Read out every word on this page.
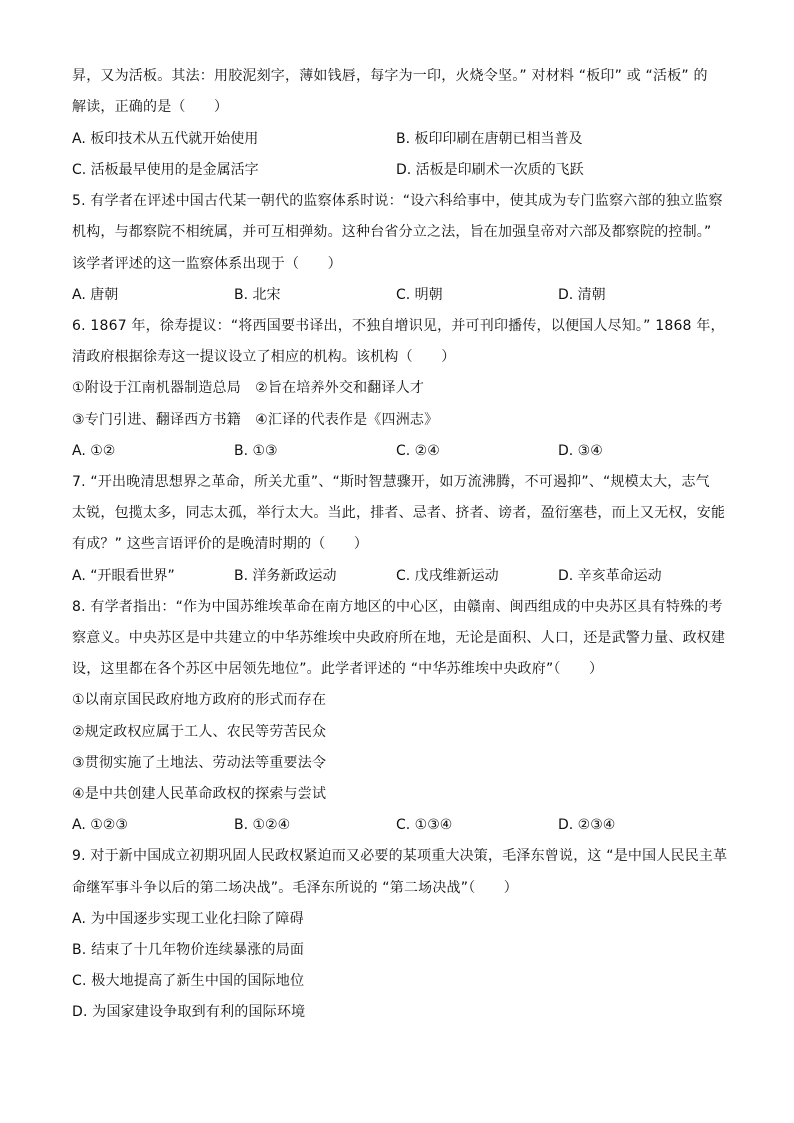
昇，又为活板。其法：用胶泥刻字，薄如钱唇，每字为一印，火烧令坚。” 对材料 “板印” 或 “活板” 的
解读，正确的是（　　）
A. 板印技术从五代就开始使用	B. 板印印刷在唐朝已相当普及
C. 活板最早使用的是金属活字	D. 活板是印刷术一次质的飞跃
5. 有学者在评述中国古代某一朝代的监察体系时说：“设六科给事中，使其成为专门监察六部的独立监察
机构，与都察院不相统属，并可互相弹劾。这种台省分立之法，旨在加强皇帝对六部及都察院的控制。”
该学者评述的这一监察体系出现于（　　）
A. 唐朝	B. 北宋	C. 明朝	D. 清朝
6. 1867 年，徐寿提议：“将西国要书译出，不独自增识见，并可刊印播传，以便国人尽知。” 1868 年，
清政府根据徐寿这一提议设立了相应的机构。该机构（　　）
①附设于江南机器制造总局　②旨在培养外交和翻译人才
③专门引进、翻译西方书籍　④汇译的代表作是《四洲志》
A. ①②	B. ①③	C. ②④	D. ③④
7. “开出晚清思想界之革命，所关尤重”、“斯时智慧骤开，如万流沸腾，不可遏抑”、“规模太大，志气
太锐，包揽太多，同志太孤，举行太大。当此，排者、忌者、挤者、谤者，盈衍塞巷，而上又无权，安能
有成？” 这些言语评价的是晚清时期的（　　）
A. “开眼看世界”	B. 洋务新政运动	C. 戊戌维新运动	D. 辛亥革命运动
8. 有学者指出：“作为中国苏维埃革命在南方地区的中心区，由赣南、闽西组成的中央苏区具有特殊的考
察意义。中央苏区是中共建立的中华苏维埃中央政府所在地，无论是面积、人口，还是武警力量、政权建
设，这里都在各个苏区中居领先地位”。此学者评述的 “中华苏维埃中央政府”（　　）
①以南京国民政府地方政府的形式而存在
②规定政权应属于工人、农民等劳苦民众
③贯彻实施了土地法、劳动法等重要法令
④是中共创建人民革命政权的探索与尝试
A. ①②③	B. ①②④	C. ①③④	D. ②③④
9. 对于新中国成立初期巩固人民政权紧迫而又必要的某项重大决策，毛泽东曾说，这 “是中国人民民主革
命继军事斗争以后的第二场决战”。毛泽东所说的 “第二场决战”（　　）
A. 为中国逐步实现工业化扫除了障碍
B. 结束了十几年物价连续暴涨的局面
C. 极大地提高了新生中国的国际地位
D. 为国家建设争取到有利的国际环境
